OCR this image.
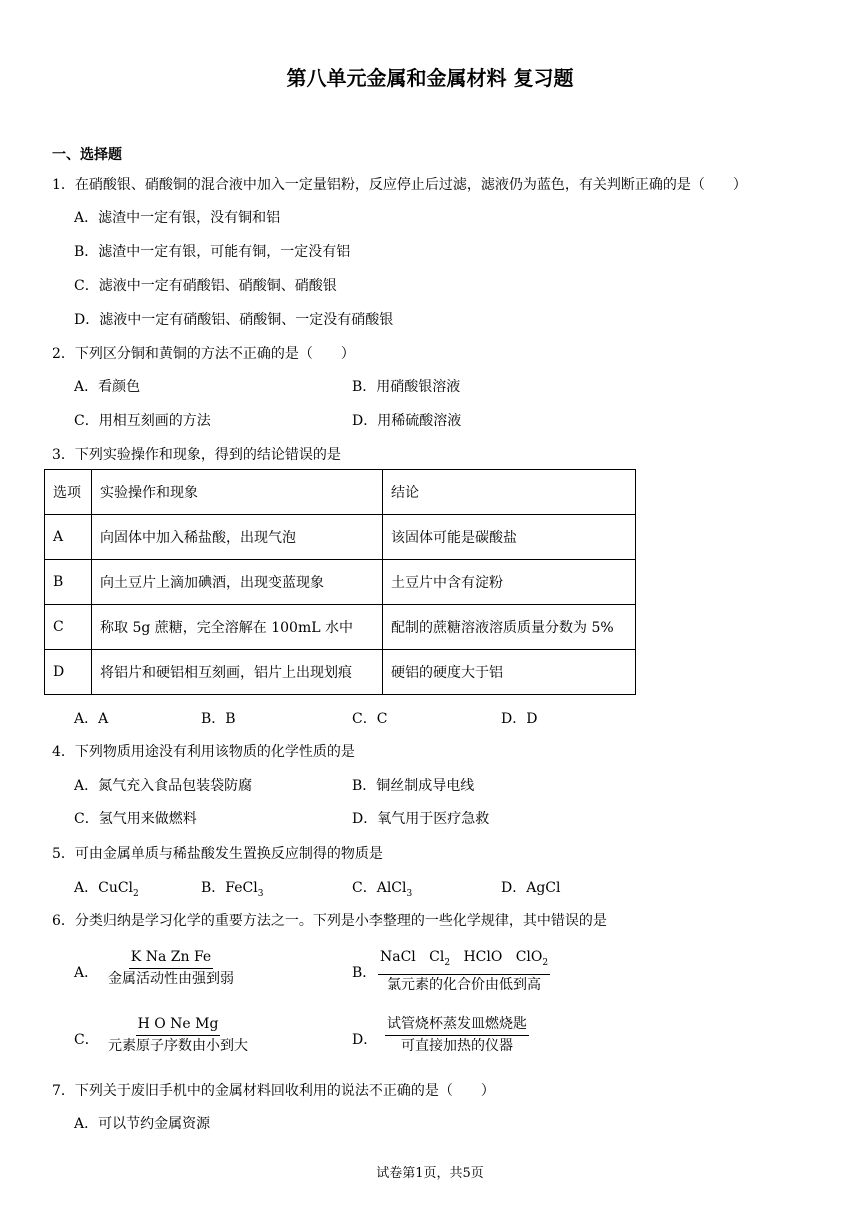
第八单元金属和金属材料 复习题
一、选择题
1．在硝酸银、硝酸铜的混合液中加入一定量铝粉，反应停止后过滤，滤液仍为蓝色，有关判断正确的是（　　）
A．滤渣中一定有银，没有铜和铝
B．滤渣中一定有银，可能有铜，一定没有铝
C．滤液中一定有硝酸铝、硝酸铜、硝酸银
D．滤液中一定有硝酸铝、硝酸铜、一定没有硝酸银
2．下列区分铜和黄铜的方法不正确的是（　　）
A．看颜色	B．用硝酸银溶液
C．用相互刻画的方法	D．用稀硫酸溶液
3．下列实验操作和现象，得到的结论错误的是
选项	实验操作和现象	结论
A	向固体中加入稀盐酸，出现气泡	该固体可能是碳酸盐
B	向土豆片上滴加碘酒，出现变蓝现象	土豆片中含有淀粉
C	称取 5g 蔗糖，完全溶解在 100mL 水中	配制的蔗糖溶液溶质质量分数为 5%
D	将铝片和硬铝相互刻画，铝片上出现划痕	硬铝的硬度大于铝
A．A	B．B	C．C	D．D
4．下列物质用途没有利用该物质的化学性质的是
A．氮气充入食品包装袋防腐	B．铜丝制成导电线
C．氢气用来做燃料	D．氧气用于医疗急救
5．可由金属单质与稀盐酸发生置换反应制得的物质是
A．CuCl$_2$	B．FeCl$_3$	C．AlCl$_3$	D．AgCl
6．分类归纳是学习化学的重要方法之一。下列是小李整理的一些化学规律，其中错误的是
A．
K Na Zn Fe
金属活动性由强到弱	B．
NaCl $Cl_2$ HClO ClO$_2$
氯元素的化合价由低到高
C．
H O Ne Mg
元素原子序数由小到大	D．
试管烧杯蒸发皿燃烧匙
可直接加热的仪器
7．下列关于废旧手机中的金属材料回收利用的说法不正确的是（　　）
A．可以节约金属资源
试卷第1页，共5页
